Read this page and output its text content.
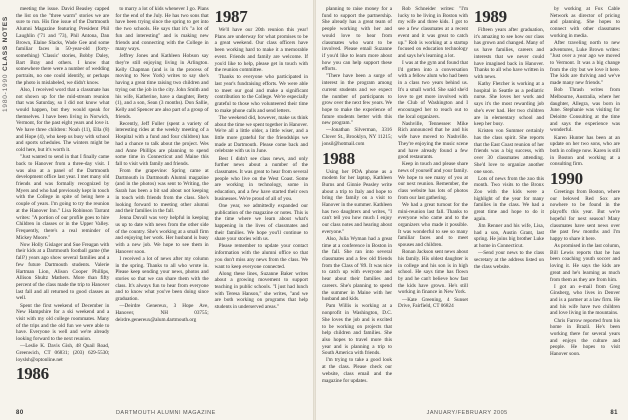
1980-1990 CLASS NOTES

meeting the issue. David Beasley capped the list on the "three warm" stories we are sure to run. His fine issue of the Dartmouth Alumni Magazine featuring President Phil Laughlin ('71 and '73), Phil Antona, Dan Brown, Elaine Slacks, Wade Gee and some familiar faces in 50-year-old (forty-something) 'Classic' stories, Bobby Daley, Bart Bray and others. I know that somewhere there were a number of wedding portraits, no one could identify, or perhaps the photo is mislabeled, we didn't know.

Also, I received word that a classmate has not shown up for the mid-stream reunion that was Saturday, so I did not know what would happen, but they would speak for themselves. I have been living in Norwich, Vermont, for the past eight years and love it. We have three children: Noah (11), Ella (8) and Hope (4), who keep us busy with school and sports schedules. The winters might be cold here, but it's worth it.

"Just wanted to send in that I finally came back to Hanover from a three-day visit. I was also at a panel of the Dartmouth development office last year. I met many old friends and was formally recognized by Myers and who had previously kept in touch with the College in spite of being here a couple of years. I'm going to try the reunion at the Hanover Inn." Lisa Robinson Tarrant writes: "A portion of our profile goes to hire Children in classes or in the Upper Valley. Frequently, there's a real reminder of Mickey Moore."

Now Holly Gislager and Sue Freagan with their kids at a Dartmouth football game (the fall?) years ago show several families and a few future Dartmouth students. Valerie Hartman Lion, Alison Cooper Phillips, Allison Shultz Mathers. More than fifty percent of the class made the trip to Hanover last fall and all returned to good classes as well.

Spent the first weekend of December in New Hampshire for a ski weekend and a visit with my old college roommates. Many of the trips and the old fun we were able to have. Everyone is well and we're already looking forward to the next reunion.

—Leslie K. Davis Gish, 48 Quail Road, Greenwich, CT 06831; (203) 629-5530; loyslsh@optonline.net

1986

to marry a lot of kids whenever I go. Plans for the end of the July. He has two sons that have been trying since the spring to get into the two schools. He says that it's "a lot of fun and interesting" and is making new friends and connecting with the College in many ways.

Jeffrey Jones and Kathleen Hobson say they're still enjoying living in Arlington. Kelly Chapman (and is in the process of moving to New York) writes to say she's having a great time raising two children and trying out the job in the city. John Smith and his wife, Katherine, have a daughter, Betty (1), and a son, Sean (3 months). Don Sallie, Kelly and Spencer are also part of a group of friends.

Recently, Jeff Fuller (spent a variety of interesting rides at the weekly meeting of a Hospital with a fund and four children) has had a chance to talk about the project. Wes and Anne Phillips are planning to spend some time in Connecticut and Maine this fall to visit with family and friends.

From the grapevine: Spring came at Dartmouth in Dartmouth Alumni magazine (and in the photos) was sent to Writing, the Sarah has been a bit sad about not keeping in touch with friends from the class. She's looking forward to meeting other alumni and their families in the fall.

Jenna Duvall was very helpful in keeping us up to date with news from the other side of the country. She's working at a small firm and enjoying her work. Her husband is busy with a new job. We hope to see them in Hanover soon.

I received a lot of news after my column in the spring. Thanks to all who wrote in. Please keep sending your news, photos and stories so that we can share them with the class. It's always fun to hear from everyone and to know what you've been doing since graduation.

—Deirdre Genereux, 3 Hope Ave, Hanover, NH 03755; deirdre.genereux@alum.dartmouth.org

1987

We'll have our 20th reunion this year! Plans are underway for what promises to be a great weekend. Our class officers have been working hard to make it a memorable event. Friends and family are welcome. If you'd like to help, please get in touch with the reunion committee.

Thanks to everyone who participated in last year's fundraising efforts. We were able to meet our goal and make a significant contribution to the College. We're especially grateful to those who volunteered their time to make phone calls and send letters.

The weekend did, however, make us think about the time we spent together in Hanover. We're all a little older, a little wiser, and a little more grateful for the friendships we made at Dartmouth. Please come back and celebrate with us in June.

Best I didn't see class news, and only further news about a number of the classmates. It was great to hear from several people who live on the West Coast. Some are working in technology, some in education, and a few have started their own businesses. We're proud of all of you.

One year, we admittedly expanded our publication of the magazine or notes. This is the time where we learn about what's happening in the lives of classmates and their families. We hope you'll continue to share your stories with us.

Please remember to update your contact information with the alumni office so that you don't miss any news from the class. We want to keep everyone connected.

Along these lines, Suzanne Baker writes about a growing movement to support teaching in public schools. "I just had lunch with Teresa Hanson," she writes, "and we are both working on programs that help students in underserved areas."

80	DARTMOUTH ALUMNI MAGAZINE

planning to raise money for a fund to support the partnership. She already has a great team of people working with her and would love to hear from classmates who want to be involved. Please email Suzanne if you'd like to learn more about how you can help support these efforts.

"There have been a surge of interest in the program among current students and we expect the number of participants to grow over the next few years. We hope to make the experience of future students better with this new program."

—Jonathan Silverman, 3316 Clover St., Brooklyn, NY 11215; jonsil@hotmail.com

1988

Using her PDA phone as a modem for her laptop, Kathleen Burns and Ginnie Peasley write about a trip to Italy and hope to bring the family on a visit to Hanover in the summer. Kathleen has two daughters and writes, "I can't tell you how much I enjoy our class notes and hearing about everyone."

Also, Julia Wyman had a great time at a conference in Boston in the fall. She ran into several classmates and a few old friends from the Class of '89. It was nice to catch up with everyone and hear about their families and careers. She's planning to spend the summer in Maine with her husband and kids.

Pam Willis is working at a nonprofit in Washington, D.C. She loves the job and is excited to be working on projects that help children and families. She also hopes to travel more this year and is planning a trip to South America with friends.

I'm trying to take a good look at the class. Please check our website, class email and the magazine for updates.

Rob Schneider writes: "I'm lucky to be living in Boston with my wife and three kids. I got to see a few classmates at a recent event and it was great to catch up." Rob is working at a startup focused on education technology and says he's learning a lot.

I was at the gym and found that I'd gotten into a conversation with a fellow alum who had been in a class two years behind us. It's a small world. She said she'd love to get more involved with the Club of Washington and I encouraged her to reach out to the local organizers.

Nashville, Tennessee: Mike Rich announced that he and his wife have moved to Nashville. They're enjoying the music scene and have already found a few good restaurants.

Keep in touch and please share news of yourself and your family. We hope to see many of you at our next reunion. Remember, the class website has lots of photos from our last gathering.

We had a great turnout for the mini-reunion last fall. Thanks to everyone who came and to the organizers who made it possible. It was wonderful to see so many familiar faces and to meet spouses and children.

Ronan Jackson sent news about his family. His oldest daughter is in college and his son is in high school. He says time has flown by and he can't believe how fast the kids have grown. He's still working in finance in New York.

—Kate Greening, 4 Sunset Drive, Fairfield, CT 06824

1989

Fifteen years after graduation, it's amazing to see how our class has grown and changed. Many of us have families, careers and interests that we never could have imagined back in Hanover. Thanks to all who have written in with news.

Kathy Fletcher is working at a hospital in Seattle as a pediatric nurse. She loves her work and says it's the most rewarding job she's ever had. Her two children are in elementary school and keep her busy.

Kristen von Summer certainly has the class spirit. She reports that the East Coast reunion of her friends was a big success, with over 30 classmates attending. She'd love to organize another one soon.

Lots of news from the zoo this month. Two visits to the Bronx Zoo with the kids were a highlight of the year for many families in the class. We had a great time and hope to do it again.

Jim Renner and his wife, Lisa, had a son, Austin Grant, last spring. He joins big brother Luke at home in Connecticut.

—Send your news to the class secretary at the address listed on the class website.

by working at Fox Cable Network as director of pricing and planning. She hopes to connect with other classmates working in media.

After traveling north to new adventures, Luke Brown writes: "Just over a year ago we moved to Vermont. It was a big change from the city but we love it here. The kids are thriving and we've made many new friends."

Bob Thrash writes from Melbourne, Australia, where her daughter, Allegra, was born in June. Stephanie was visiting for Deloitte Consulting at the time and says the experience was wonderful.

Karen Hunter has been at an update on her two sons, who are both in college now. Karen is still in Boston and working at a consulting firm.

1990

Greetings from Boston, where our beloved Red Sox are nowhere to be found in the playoffs this year. But we're hopeful for next season! Many classmates have sent news over the past few months and I'm happy to share it here.

As promised in the last column, Bill Lewis reports that he has been coaching youth soccer and loving it. He says the kids are great and he's learning as much from them as they are from him.

I got an e-mail from Greg Ginsberg, who lives in Denver and is a partner at a law firm. He and his wife have two children and love living in the mountains.

Chris Farrow reported from his home in Brazil. He's been working there for several years and enjoys the culture and people. He hopes to visit Hanover soon.

JANUARY/FEBRUARY 2005	81
